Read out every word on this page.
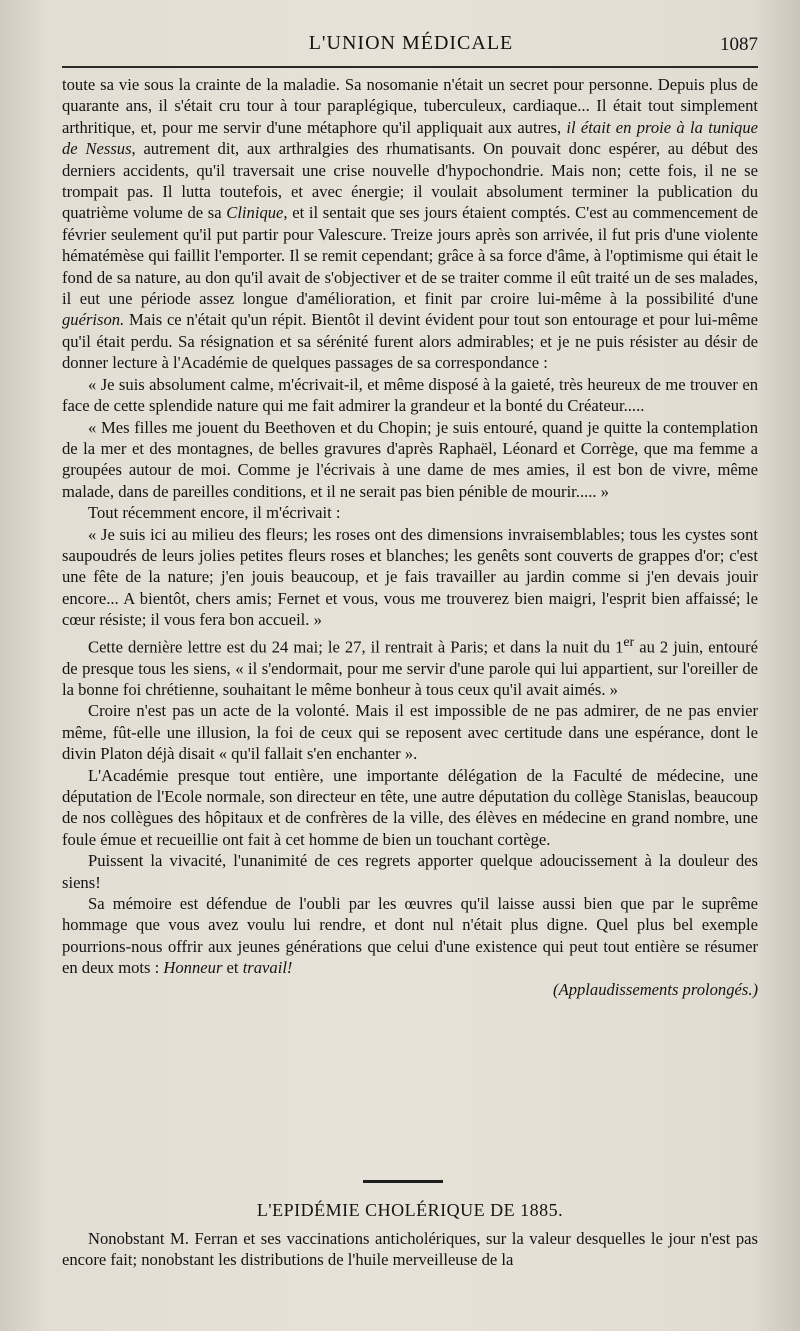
L'UNION MÉDICALE	1087

toute sa vie sous la crainte de la maladie. Sa nosomanie n'était un secret pour personne. Depuis plus de quarante ans, il s'était cru tour à tour paraplégique, tuberculeux, cardiaque... Il était tout simplement arthritique, et, pour me servir d'une métaphore qu'il appliquait aux autres, il était en proie à la tunique de Nessus, autrement dit, aux arthralgies des rhumatisants. On pouvait donc espérer, au début des derniers accidents, qu'il traversait une crise nouvelle d'hypochondrie. Mais non; cette fois, il ne se trompait pas. Il lutta toutefois, et avec énergie; il voulait absolument terminer la publication du quatrième volume de sa Clinique, et il sentait que ses jours étaient comptés. C'est au commencement de février seulement qu'il put partir pour Valescure. Treize jours après son arrivée, il fut pris d'une violente hématémèse qui faillit l'emporter. Il se remit cependant; grâce à sa force d'âme, à l'optimisme qui était le fond de sa nature, au don qu'il avait de s'objectiver et de se traiter comme il eût traité un de ses malades, il eut une période assez longue d'amélioration, et finit par croire lui-même à la possibilité d'une guérison. Mais ce n'était qu'un répit. Bientôt il devint évident pour tout son entourage et pour lui-même qu'il était perdu. Sa résignation et sa sérénité furent alors admirables; et je ne puis résister au désir de donner lecture à l'Académie de quelques passages de sa correspondance :

« Je suis absolument calme, m'écrivait-il, et même disposé à la gaieté, très heureux de me trouver en face de cette splendide nature qui me fait admirer la grandeur et la bonté du Créateur.....

« Mes filles me jouent du Beethoven et du Chopin; je suis entouré, quand je quitte la contemplation de la mer et des montagnes, de belles gravures d'après Raphaël, Léonard et Corrège, que ma femme a groupées autour de moi. Comme je l'écrivais à une dame de mes amies, il est bon de vivre, même malade, dans de pareilles conditions, et il ne serait pas bien pénible de mourir..... »

Tout récemment encore, il m'écrivait :

« Je suis ici au milieu des fleurs; les roses ont des dimensions invraisemblables; tous les cystes sont saupoudrés de leurs jolies petites fleurs roses et blanches; les genêts sont couverts de grappes d'or; c'est une fête de la nature; j'en jouis beaucoup, et je fais travailler au jardin comme si j'en devais jouir encore... A bientôt, chers amis; Fernet et vous, vous me trouverez bien maigri, l'esprit bien affaissé; le cœur résiste; il vous fera bon accueil. »

Cette dernière lettre est du 24 mai; le 27, il rentrait à Paris; et dans la nuit du 1er au 2 juin, entouré de presque tous les siens, « il s'endormait, pour me servir d'une parole qui lui appartient, sur l'oreiller de la bonne foi chrétienne, souhaitant le même bonheur à tous ceux qu'il avait aimés. »

Croire n'est pas un acte de la volonté. Mais il est impossible de ne pas admirer, de ne pas envier même, fût-elle une illusion, la foi de ceux qui se reposent avec certitude dans une espérance, dont le divin Platon déjà disait « qu'il fallait s'en enchanter ».

L'Académie presque tout entière, une importante délégation de la Faculté de médecine, une députation de l'Ecole normale, son directeur en tête, une autre députation du collège Stanislas, beaucoup de nos collègues des hôpitaux et de confrères de la ville, des élèves en médecine en grand nombre, une foule émue et recueillie ont fait à cet homme de bien un touchant cortège.

Puissent la vivacité, l'unanimité de ces regrets apporter quelque adoucissement à la douleur des siens!

Sa mémoire est défendue de l'oubli par les œuvres qu'il laisse aussi bien que par le suprême hommage que vous avez voulu lui rendre, et dont nul n'était plus digne. Quel plus bel exemple pourrions-nous offrir aux jeunes générations que celui d'une existence qui peut tout entière se résumer en deux mots : Honneur et travail!

(Applaudissements prolongés.)

L'EPIDÉMIE CHOLÉRIQUE DE 1885.

Nonobstant M. Ferran et ses vaccinations anticholériques, sur la valeur desquelles le jour n'est pas encore fait; nonobstant les distributions de l'huile merveilleuse de la
